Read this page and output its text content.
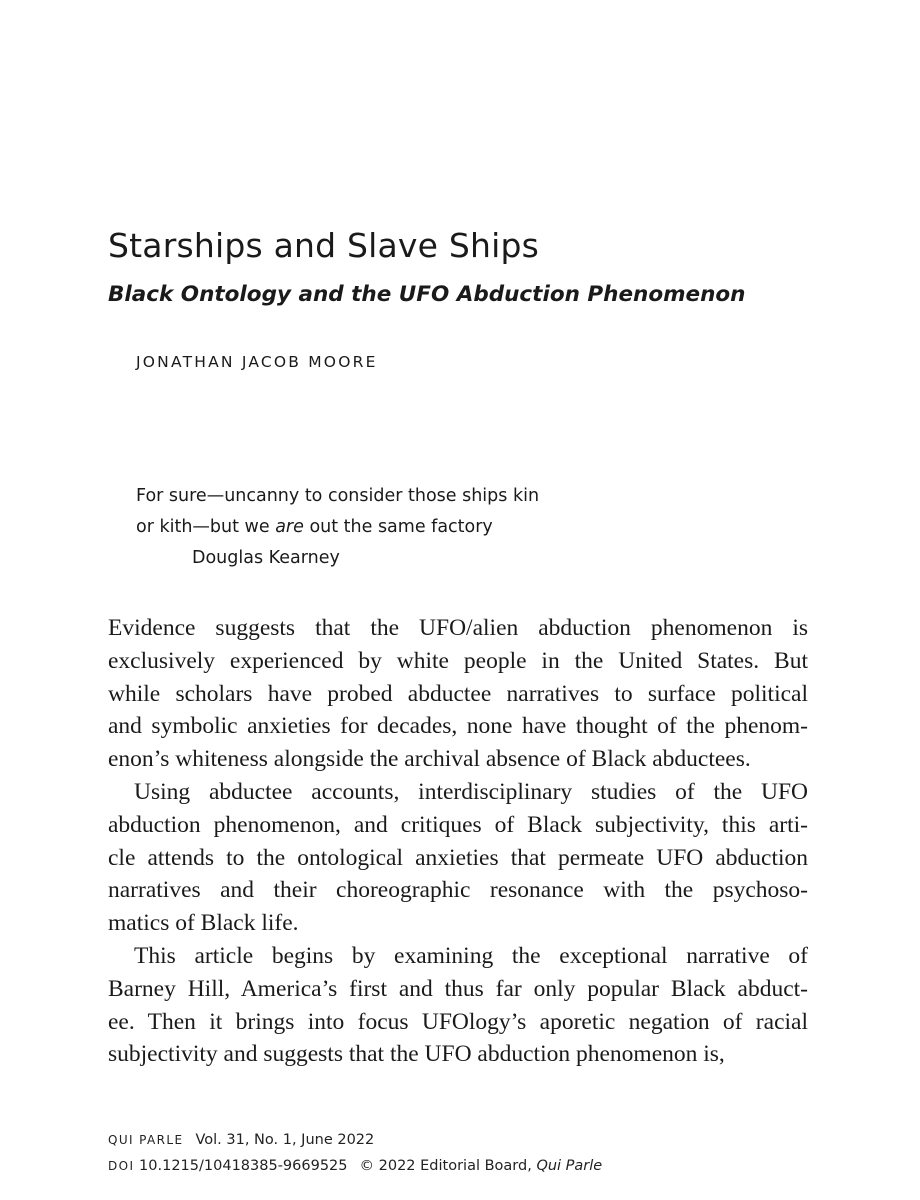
Starships and Slave Ships
Black Ontology and the UFO Abduction Phenomenon
JONATHAN JACOB MOORE
For sure—uncanny to consider those ships kin
or kith—but we are out the same factory
Douglas Kearney

Evidence suggests that the UFO/alien abduction phenomenon is
exclusively experienced by white people in the United States. But
while scholars have probed abductee narratives to surface political
and symbolic anxieties for decades, none have thought of the phenom-
enon’s whiteness alongside the archival absence of Black abductees.

Using abductee accounts, interdisciplinary studies of the UFO
abduction phenomenon, and critiques of Black subjectivity, this arti-
cle attends to the ontological anxieties that permeate UFO abduction
narratives and their choreographic resonance with the psychoso-
matics of Black life.

This article begins by examining the exceptional narrative of
Barney Hill, America’s first and thus far only popular Black abduct-
ee. Then it brings into focus UFOlogy’s aporetic negation of racial
subjectivity and suggests that the UFO abduction phenomenon is,

QUI PARLE Vol. 31, No. 1, June 2022
DOI 10.1215/10418385-9669525 © 2022 Editorial Board, Qui Parle
